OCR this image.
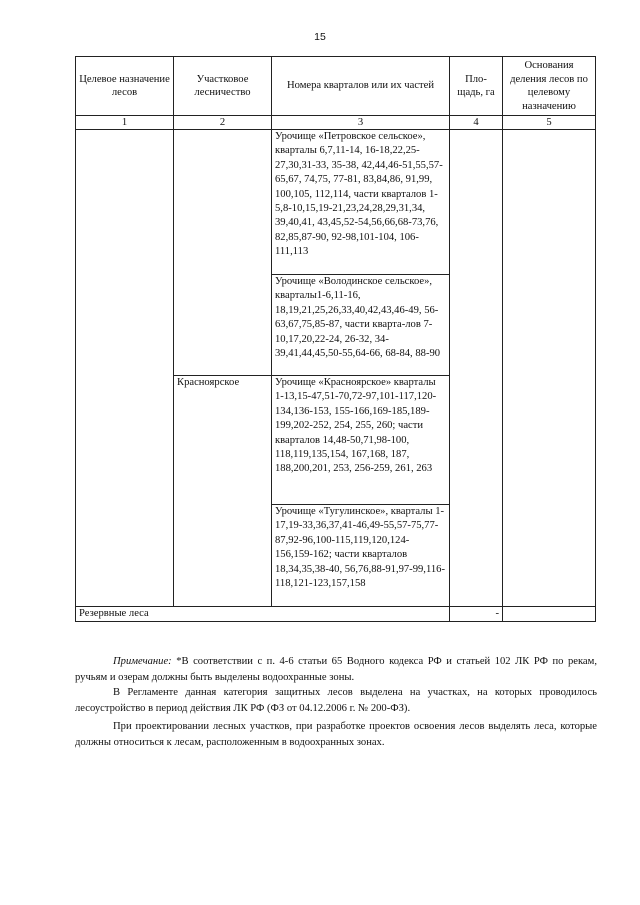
15
Целевое назначение лесов	Участковое лесничество	Номера кварталов или их частей	Пло-щадь, га	Основания деления лесов по целевому назначению
1	2	3	4	5
		Урочище «Петровское сельское», кварталы 6,7,11-14, 16-18,22,25-27,30,31-33, 35-38, 42,44,46-51,55,57-65,67, 74,75, 77-81, 83,84,86, 91,99, 100,105, 112,114, части кварталов 1-5,8-10,15,19-21,23,24,28,29,31,34, 39,40,41, 43,45,52-54,56,66,68-73,76, 82,85,87-90, 92-98,101-104, 106-111,113		
		Урочище «Володинское сельское», кварталы1-6,11-16, 18,19,21,25,26,33,40,42,43,46-49, 56-63,67,75,85-87, части кварта-лов 7-10,17,20,22-24, 26-32, 34-39,41,44,45,50-55,64-66, 68-84, 88-90		
	Красноярское	Урочище «Красноярское» кварталы 1-13,15-47,51-70,72-97,101-117,120-134,136-153, 155-166,169-185,189-199,202-252, 254, 255, 260; части кварталов 14,48-50,71,98-100, 118,119,135,154, 167,168, 187, 188,200,201, 253, 256-259, 261, 263		
		Урочище «Тугулинское», кварталы 1-17,19-33,36,37,41-46,49-55,57-75,77-87,92-96,100-115,119,120,124-156,159-162; части кварталов 18,34,35,38-40, 56,76,88-91,97-99,116-118,121-123,157,158		
Резервные леса			-	

Примечание: *В соответствии с п. 4-6 статьи 65 Водного кодекса РФ и статьей 102 ЛК РФ по рекам, ручьям и озерам должны быть выделены водоохранные зоны.

В Регламенте данная категория защитных лесов выделена на участках, на которых проводилось лесоустройство в период действия ЛК РФ (ФЗ от 04.12.2006 г. № 200-ФЗ).

При проектировании лесных участков, при разработке проектов освоения лесов выделять леса, которые должны относиться к лесам, расположенным в водоохранных зонах.
